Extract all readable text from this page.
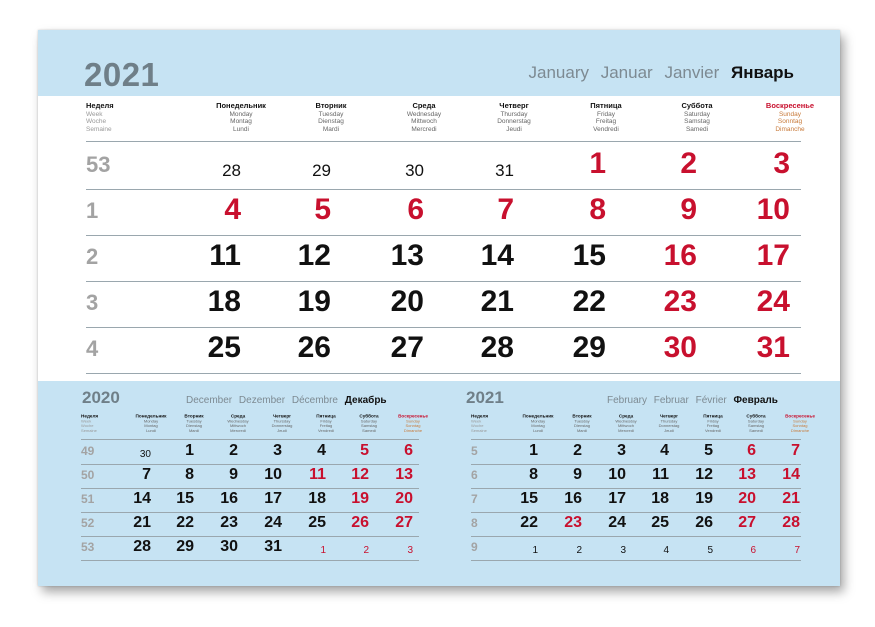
2021	January Januar Janvier Январь
Неделя
Week
Woche
Semaine
Понедельник
Monday
Montag
Lundi
Вторник
Tuesday
Dienstag
Mardi
Среда
Wednesday
Mittwoch
Mercredi
Четверг
Thursday
Donnerstag
Jeudi
Пятница
Friday
Freitag
Vendredi
Суббота
Saturday
Samstag
Samedi
Воскресенье
Sunday
Sonntag
Dimanche
53	28	29	30	31	1	2	3
1	4	5	6	7	8	9 10
2	11 12 13 14 15 16 17
3	18 19 20 21 22 23 24
4	25 26 27 28 29 30 31
2020	December Dezember Décembre Декабрь
Неделя
Week
Woche
Semaine
Понедельник
Monday
Montag
Lundi
Вторник
Tuesday
Dienstag
Mardi
Среда
Wednesday
Mittwoch
Mercredi
Четверг
Thursday
Donnerstag
Jeudi
Пятница
Friday
Freitag
Vendredi
Суббота
Saturday
Samstag
Samedi
Воскресенье
Sunday
Sonntag
Dimanche
49	30	1	2	3	4	5	6
50	7	8	9	10	11	12	13
51	14	15	16	17	18	19	20
52	21	22	23	24	25	26	27
53	28	29	30	31	1	2	3
2021	February Februar Février Февраль
Неделя
Week
Woche
Semaine
Понедельник
Monday
Montag
Lundi
Вторник
Tuesday
Dienstag
Mardi
Среда
Wednesday
Mittwoch
Mercredi
Четверг
Thursday
Donnerstag
Jeudi
Пятница
Friday
Freitag
Vendredi
Суббота
Saturday
Samstag
Samedi
Воскресенье
Sunday
Sonntag
Dimanche
5	1	2	3	4	5	6	7
6	8	9	10	11	12	13	14
7	15	16	17	18	19	20	21
8	22	23	24	25	26	27	28
9	1	2	3	4	5	6	7
